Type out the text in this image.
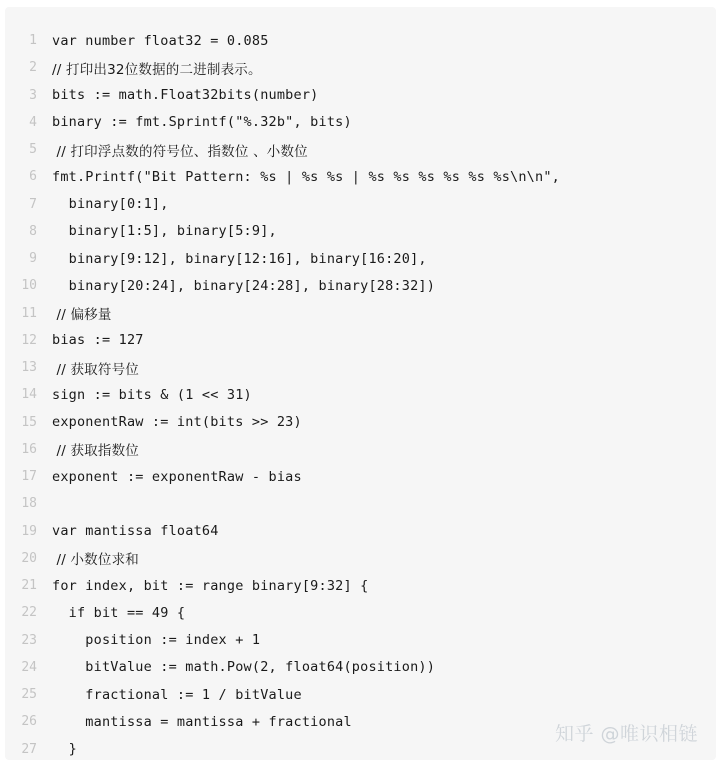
1	var number float32 = 0.085
2	// 打印出32位数据的二进制表示。
3	bits := math.Float32bits(number)
4	binary := fmt.Sprintf("%.32b", bits)
5	// 打印浮点数的符号位、指数位 、小数位
6	fmt.Printf("Bit Pattern: %s | %s %s | %s %s %s %s %s %s\n\n",
7	binary[0:1],
8	binary[1:5], binary[5:9],
9	binary[9:12], binary[12:16], binary[16:20],
10	binary[20:24], binary[24:28], binary[28:32])
11	// 偏移量
12	bias := 127
13	// 获取符号位
14	sign := bits & (1 << 31)
15	exponentRaw := int(bits >> 23)
16	// 获取指数位
17	exponent := exponentRaw - bias
18
19	var mantissa float64
20	// 小数位求和
21	for index, bit := range binary[9:32] {
22	if bit == 49 {
23	position := index + 1
24	bitValue := math.Pow(2, float64(position))
25	fractional := 1 / bitValue
26	mantissa = mantissa + fractional
27	}
知乎 @唯识相链
